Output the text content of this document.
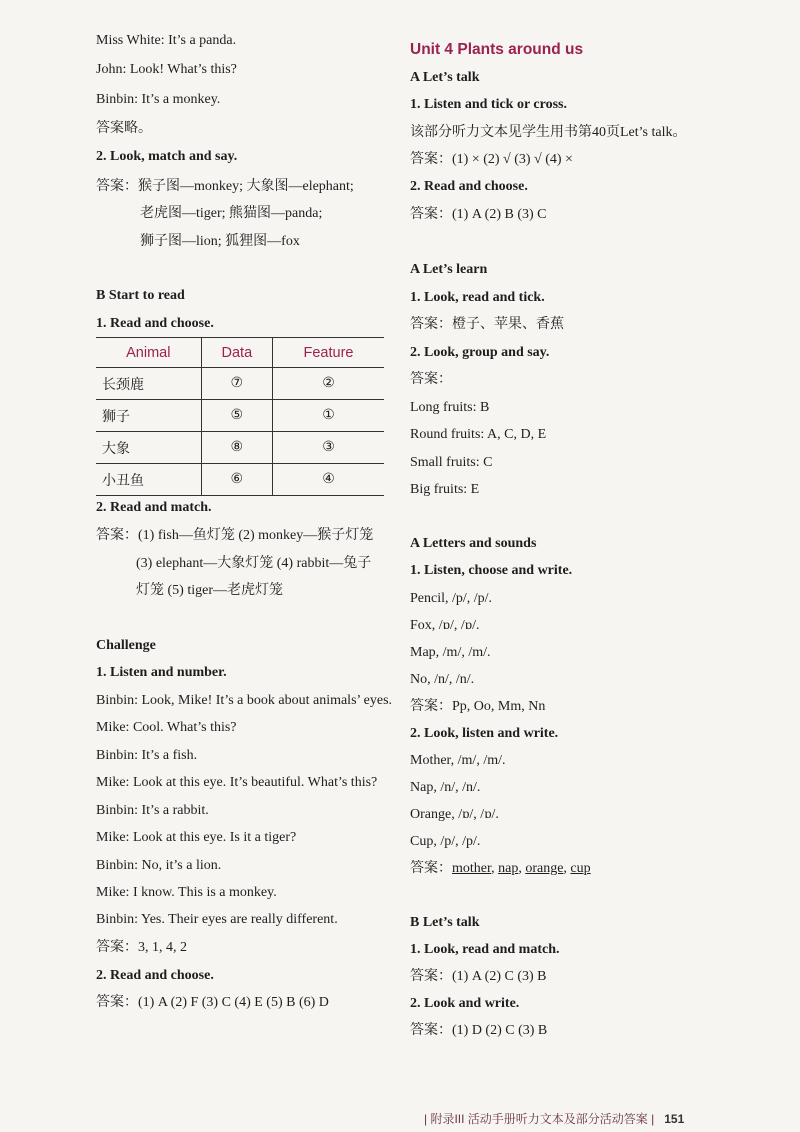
Miss White: It’s a panda.
John: Look! What’s this?
Binbin: It’s a monkey.
答案略。
2. Look, match and say.
答案：猴子图—monkey; 大象图—elephant;
老虎图—tiger; 熊猫图—panda;
狮子图—lion; 狐狸图—fox
B Start to read
1. Read and choose.
Animal	Data	Feature
长颈鹿	⑦	②
狮子	⑤	①
大象	⑧	③
小丑鱼	⑥	④
2. Read and match.
答案：(1) fish—鱼灯笼 (2) monkey—猴子灯笼
(3) elephant—大象灯笼 (4) rabbit—兔子
灯笼 (5) tiger—老虎灯笼
Challenge
1. Listen and number.
Binbin: Look, Mike! It’s a book about animals’ eyes.
Mike: Cool. What’s this?
Binbin: It’s a fish.
Mike: Look at this eye. It’s beautiful. What’s this?
Binbin: It’s a rabbit.
Mike: Look at this eye. Is it a tiger?
Binbin: No, it’s a lion.
Mike: I know. This is a monkey.
Binbin: Yes. Their eyes are really different.
答案：3, 1, 4, 2
2. Read and choose.
答案：(1) A (2) F (3) C (4) E (5) B (6) D
Unit 4 Plants around us
A Let’s talk
1. Listen and tick or cross.
该部分听力文本见学生用书第40页Let’s talk。
答案：(1) × (2) √ (3) √ (4) ×
2. Read and choose.
答案：(1) A (2) B (3) C
A Let’s learn
1. Look, read and tick.
答案：橙子、苹果、香蕉
2. Look, group and say.
答案：
Long fruits: B
Round fruits: A, C, D, E
Small fruits: C
Big fruits: E
A Letters and sounds
1. Listen, choose and write.
Pencil, /p/, /p/.
Fox, /ɒ/, /ɒ/.
Map, /m/, /m/.
No, /n/, /n/.
答案：Pp, Oo, Mm, Nn
2. Look, listen and write.
Mother, /m/, /m/.
Nap, /n/, /n/.
Orange, /ɒ/, /ɒ/.
Cup, /p/, /p/.
答案：mother, nap, orange, cup
B Let’s talk
1. Look, read and match.
答案：(1) A (2) C (3) B
2. Look and write.
答案：(1) D (2) C (3) B
| 附录III 活动手册听力文本及部分活动答案 | 151
